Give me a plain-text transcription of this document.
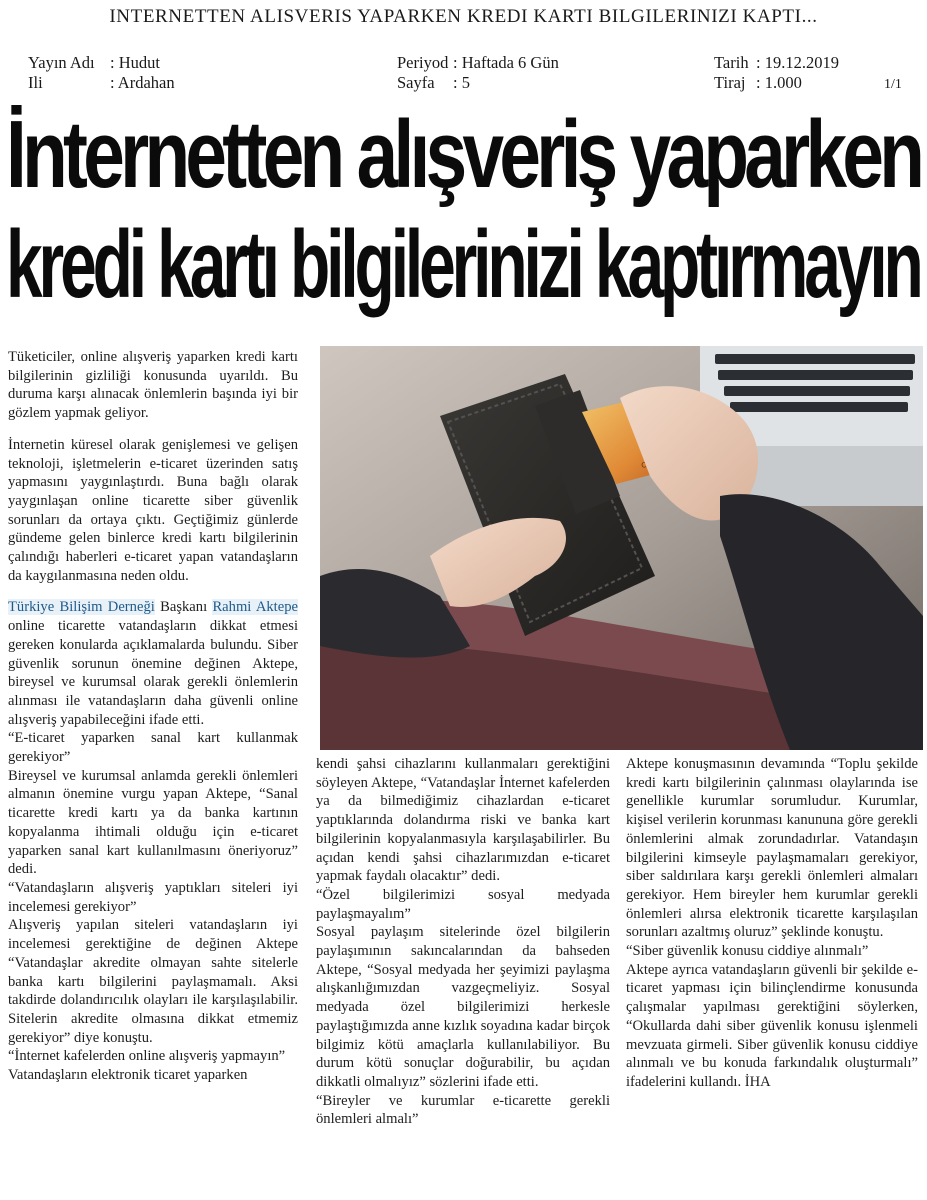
INTERNETTEN ALISVERIS YAPARKEN KREDI KARTI BILGILERINIZI KAPTI...
Yayın Adı : Hudut
Ili	: Ardahan
Periyod : Haftada 6 Gün
Sayfa : 5
Tarih : 19.12.2019
Tiraj : 1.000	1/1
İnternetten alışveriş yaparken
kredi kartı bilgilerinizi kaptırmayın

Tüketiciler, online alışveriş yaparken kredi kartı bilgilerinin gizliliği konusunda uyarıldı. Bu duruma karşı alınacak önlemlerin başında iyi bir gözlem yapmak geliyor.

İnternetin küresel olarak genişlemesi ve gelişen teknoloji, işletmelerin e-ticaret üzerinden satış yapmasını yaygınlaştırdı. Buna bağlı olarak yaygınlaşan online ticarette siber güvenlik sorunları da ortaya çıktı. Geçtiğimiz günlerde gündeme gelen binlerce kredi kartı bilgilerinin çalındığı haberleri e-ticaret yapan vatandaşların da kaygılanmasına neden oldu.

Türkiye Bilişim Derneği Başkanı Rahmi Aktepe online ticarette vatandaşların dikkat etmesi gereken konularda açıklamalarda bulundu. Siber güvenlik sorunun önemine değinen Aktepe, bireysel ve kurumsal olarak gerekli önlemlerin alınması ile vatandaşların daha güvenli online alışveriş yapabileceğini ifade etti.

“E-ticaret yaparken sanal kart kullanmak gerekiyor”

Bireysel ve kurumsal anlamda gerekli önlemleri almanın önemine vurgu yapan Aktepe, “Sanal ticarette kredi kartı ya da banka kartının kopyalanma ihtimali olduğu için e-ticaret yaparken sanal kart kullanılmasını öneriyoruz” dedi.

“Vatandaşların alışveriş yaptıkları siteleri iyi incelemesi gerekiyor”

Alışveriş yapılan siteleri vatandaşların iyi incelemesi gerektiğine de değinen Aktepe “Vatandaşlar akredite olmayan sahte sitelerle banka kartı bilgilerini paylaşmamalı. Aksi takdirde dolandırıcılık olayları ile karşılaşılabilir. Sitelerin akredite olmasına dikkat etmemiz gerekiyor” diye konuştu.

“İnternet kafelerden online alışveriş yapmayın”

Vatandaşların elektronik ticaret yaparken

kendi şahsi cihazlarını kullanmaları gerektiğini söyleyen Aktepe, “Vatandaşlar İnternet kafelerden ya da bilmediğimiz cihazlardan e-ticaret yaptıklarında dolandırma riski ve banka kart bilgilerinin kopyalanmasıyla karşılaşabilirler. Bu açıdan kendi şahsi cihazlarımızdan e-ticaret yapmak faydalı olacaktır” dedi.

“Özel bilgilerimizi sosyal medyada paylaşmayalım”

Sosyal paylaşım sitelerinde özel bilgilerin paylaşımının sakıncalarından da bahseden Aktepe, “Sosyal medyada her şeyimizi paylaşma alışkanlığımızdan vazgeçmeliyiz. Sosyal medyada özel bilgilerimizi herkesle paylaştığımızda anne kızlık soyadına kadar birçok bilgimiz kötü amaçlarla kullanılabiliyor. Bu durum kötü sonuçlar doğurabilir, bu açıdan dikkatli olmalıyız” sözlerini ifade etti.

“Bireyler ve kurumlar e-ticarette gerekli önlemleri almalı”

Aktepe konuşmasının devamında “Toplu şekilde kredi kartı bilgilerinin çalınması olaylarında ise genellikle kurumlar sorumludur. Kurumlar, kişisel verilerin korunması kanununa göre gerekli önlemlerini almak zorundadırlar. Vatandaşın bilgilerini kimseyle paylaşmamaları gerekiyor, siber saldırılara karşı gerekli önlemleri almaları gerekiyor. Hem bireyler hem kurumlar gerekli önlemleri alırsa elektronik ticarette karşılaşılan sorunları azaltmış oluruz” şeklinde konuştu.

“Siber güvenlik konusu ciddiye alınmalı”

Aktepe ayrıca vatandaşların güvenli bir şekilde e-ticaret yapması için bilinçlendirme konusunda çalışmalar yapılması gerektiğini söylerken, “Okullarda dahi siber güvenlik konusu işlenmeli mevzuata girmeli. Siber güvenlik konusu ciddiye alınmalı ve bu konuda farkındalık oluşturmalı” ifadelerini kullandı. İHA
